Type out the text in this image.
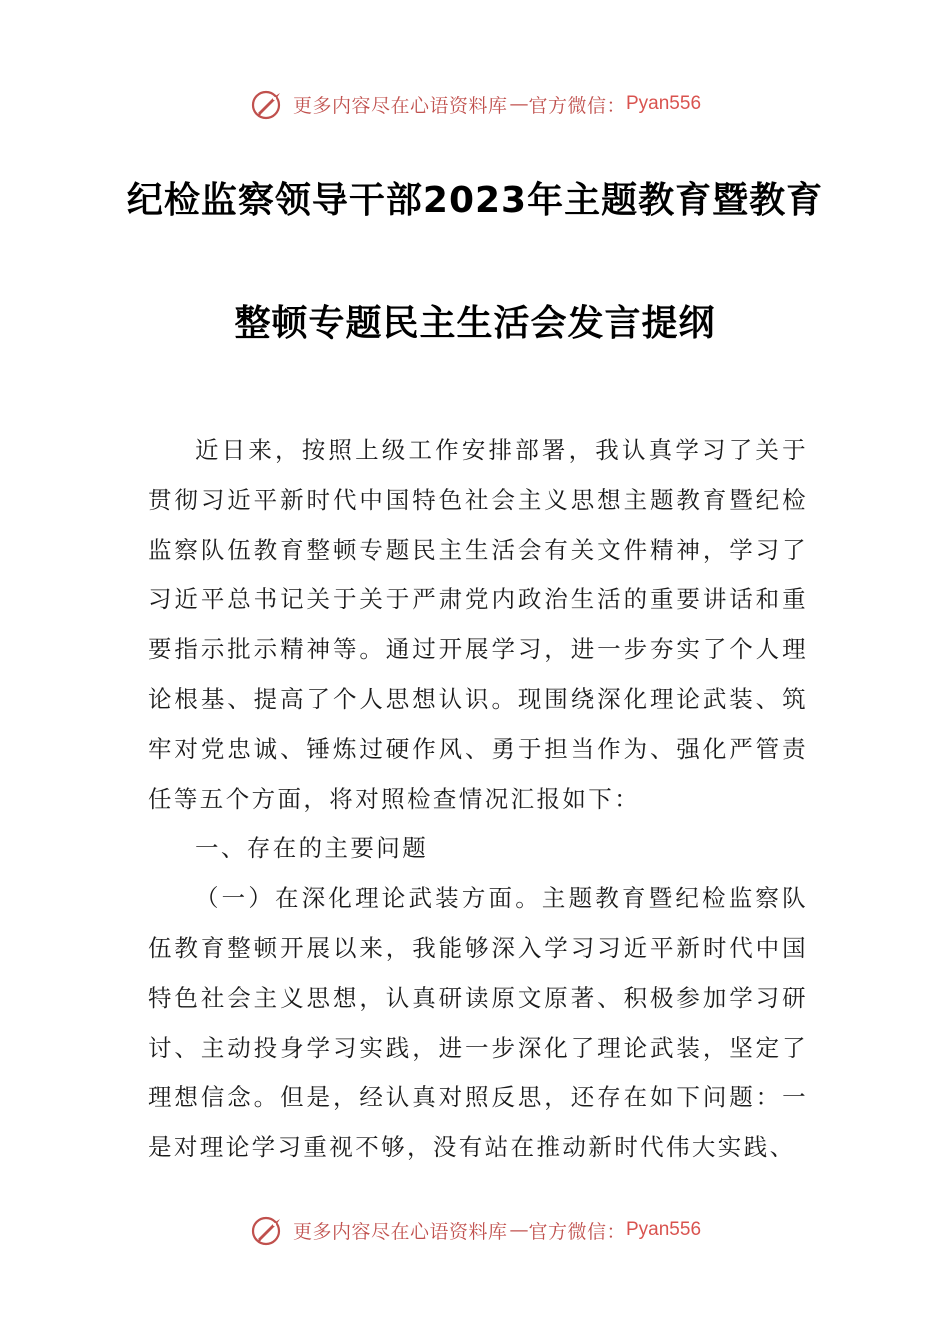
更多内容尽在心语资料库 — 官方微信： Pyan556
纪检监察领导干部2023年主题教育暨教育
整顿专题民主生活会发言提纲

近日来，按照上级工作安排部署，我认真学习了关于贯彻习近平新时代中国特色社会主义思想主题教育暨纪检监察队伍教育整顿专题民主生活会有关文件精神，学习了习近平总书记关于关于严肃党内政治生活的重要讲话和重要指示批示精神等。通过开展学习，进一步夯实了个人理论根基、提高了个人思想认识。现围绕深化理论武装、筑牢对党忠诚、锤炼过硬作风、勇于担当作为、强化严管责任等五个方面，将对照检查情况汇报如下：

一、存在的主要问题

（一）在深化理论武装方面。主题教育暨纪检监察队伍教育整顿开展以来，我能够深入学习习近平新时代中国特色社会主义思想，认真研读原文原著、积极参加学习研讨、主动投身学习实践，进一步深化了理论武装，坚定了理想信念。但是，经认真对照反思，还存在如下问题：一是对理论学习重视不够，没有站在推动新时代伟大实践、

更多内容尽在心语资料库 — 官方微信： Pyan556
